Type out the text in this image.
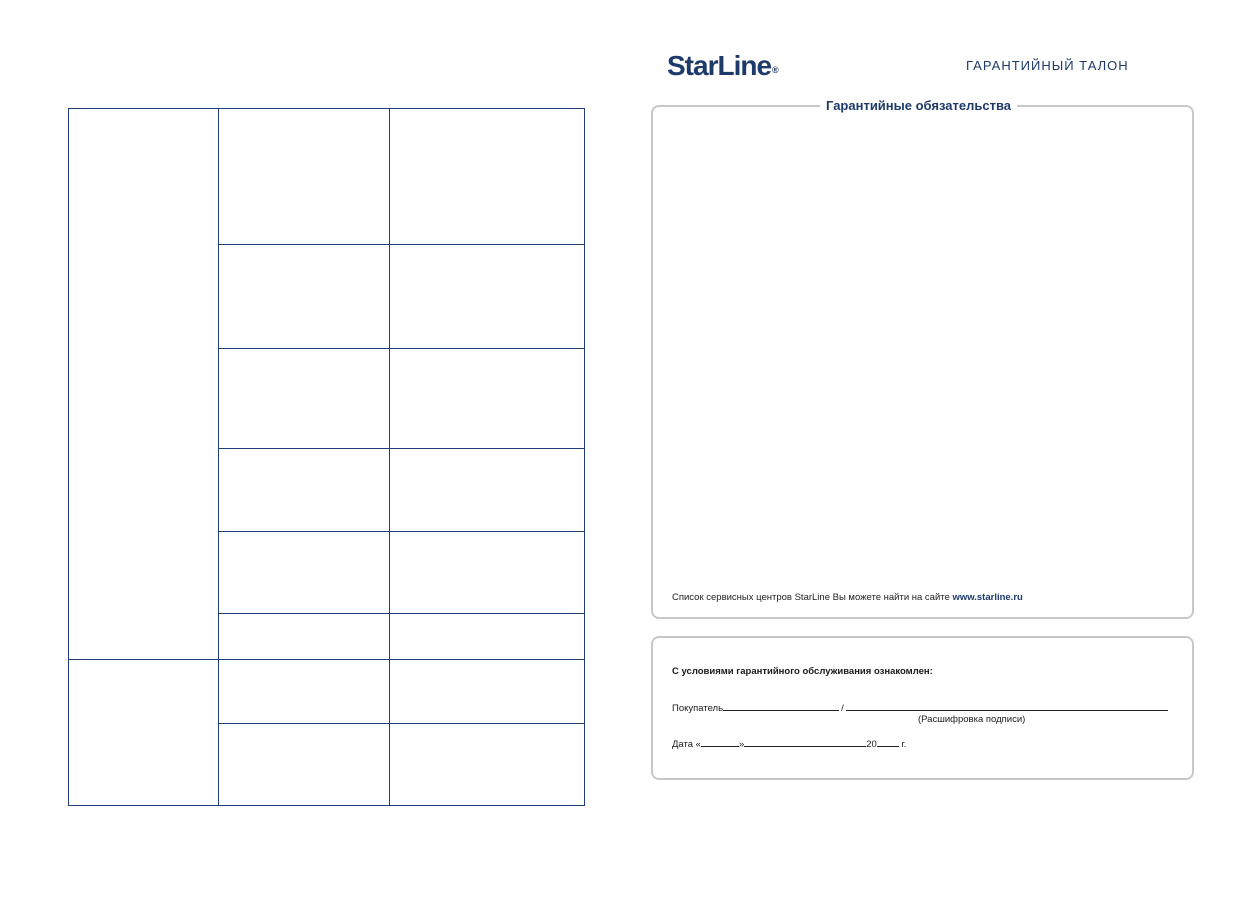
StarLine®	ГАРАНТИЙНЫЙ ТАЛОН
Гарантийные обязательства
Список сервисных центров StarLine Вы можете найти на сайте www.starline.ru
С условиями гарантийного обслуживания ознакомлен:
Покупатель	/
(Расшифровка подписи)
Дата «	»	20	г.
